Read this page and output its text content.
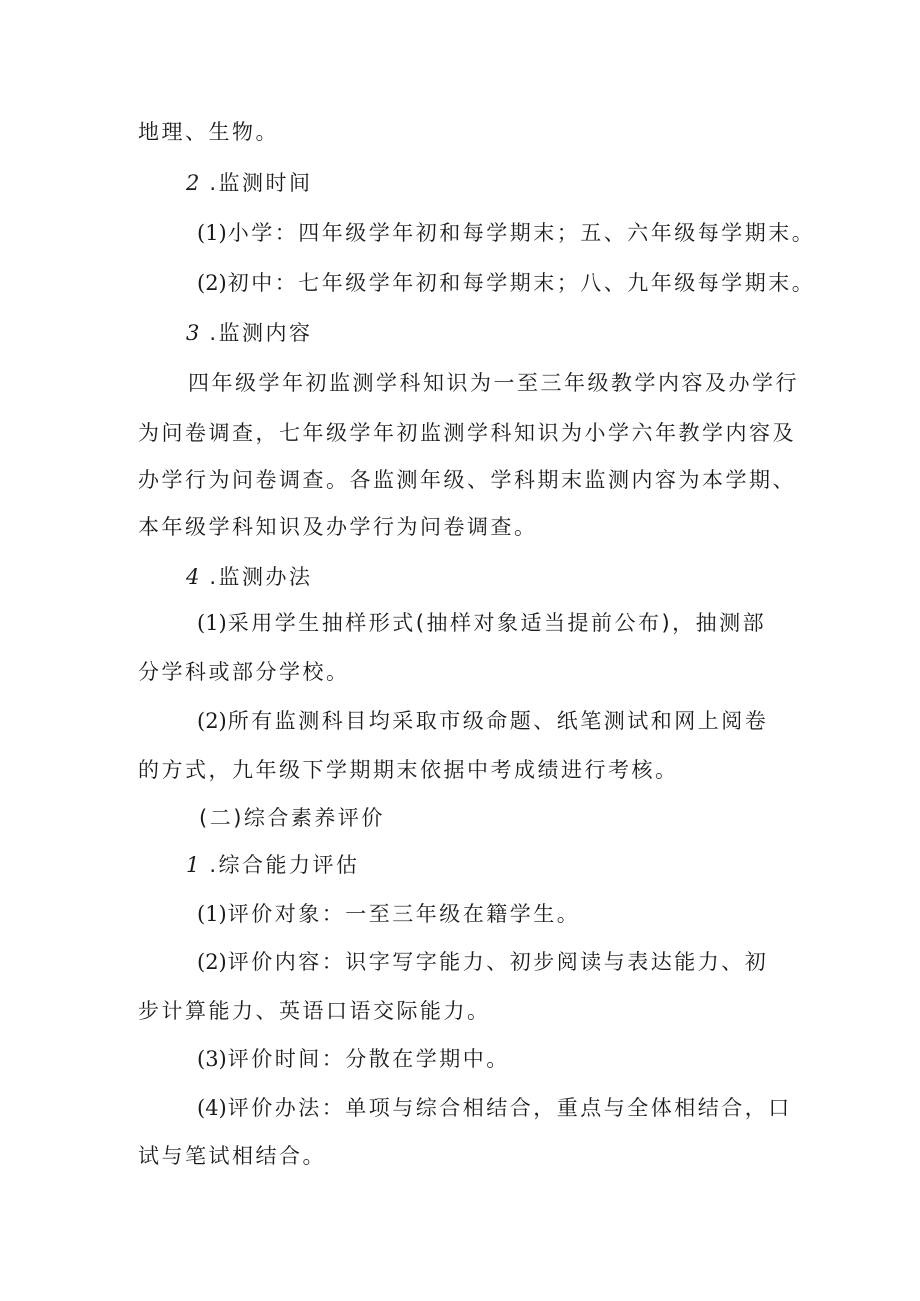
地理、生物。
2 .监测时间
(1)小学：四年级学年初和每学期末；五、六年级每学期末。
(2)初中：七年级学年初和每学期末；八、九年级每学期末。
3 .监测内容
四年级学年初监测学科知识为一至三年级教学内容及办学行
为问卷调查，七年级学年初监测学科知识为小学六年教学内容及
办学行为问卷调查。各监测年级、学科期末监测内容为本学期、
本年级学科知识及办学行为问卷调查。
4 .监测办法
(1)采用学生抽样形式(抽样对象适当提前公布)，抽测部
分学科或部分学校。
(2)所有监测科目均采取市级命题、纸笔测试和网上阅卷
的方式，九年级下学期期末依据中考成绩进行考核。
(二)综合素养评价
1 .综合能力评估
(1)评价对象：一至三年级在籍学生。
(2)评价内容：识字写字能力、初步阅读与表达能力、初
步计算能力、英语口语交际能力。
(3)评价时间：分散在学期中。
(4)评价办法：单项与综合相结合，重点与全体相结合，口
试与笔试相结合。
